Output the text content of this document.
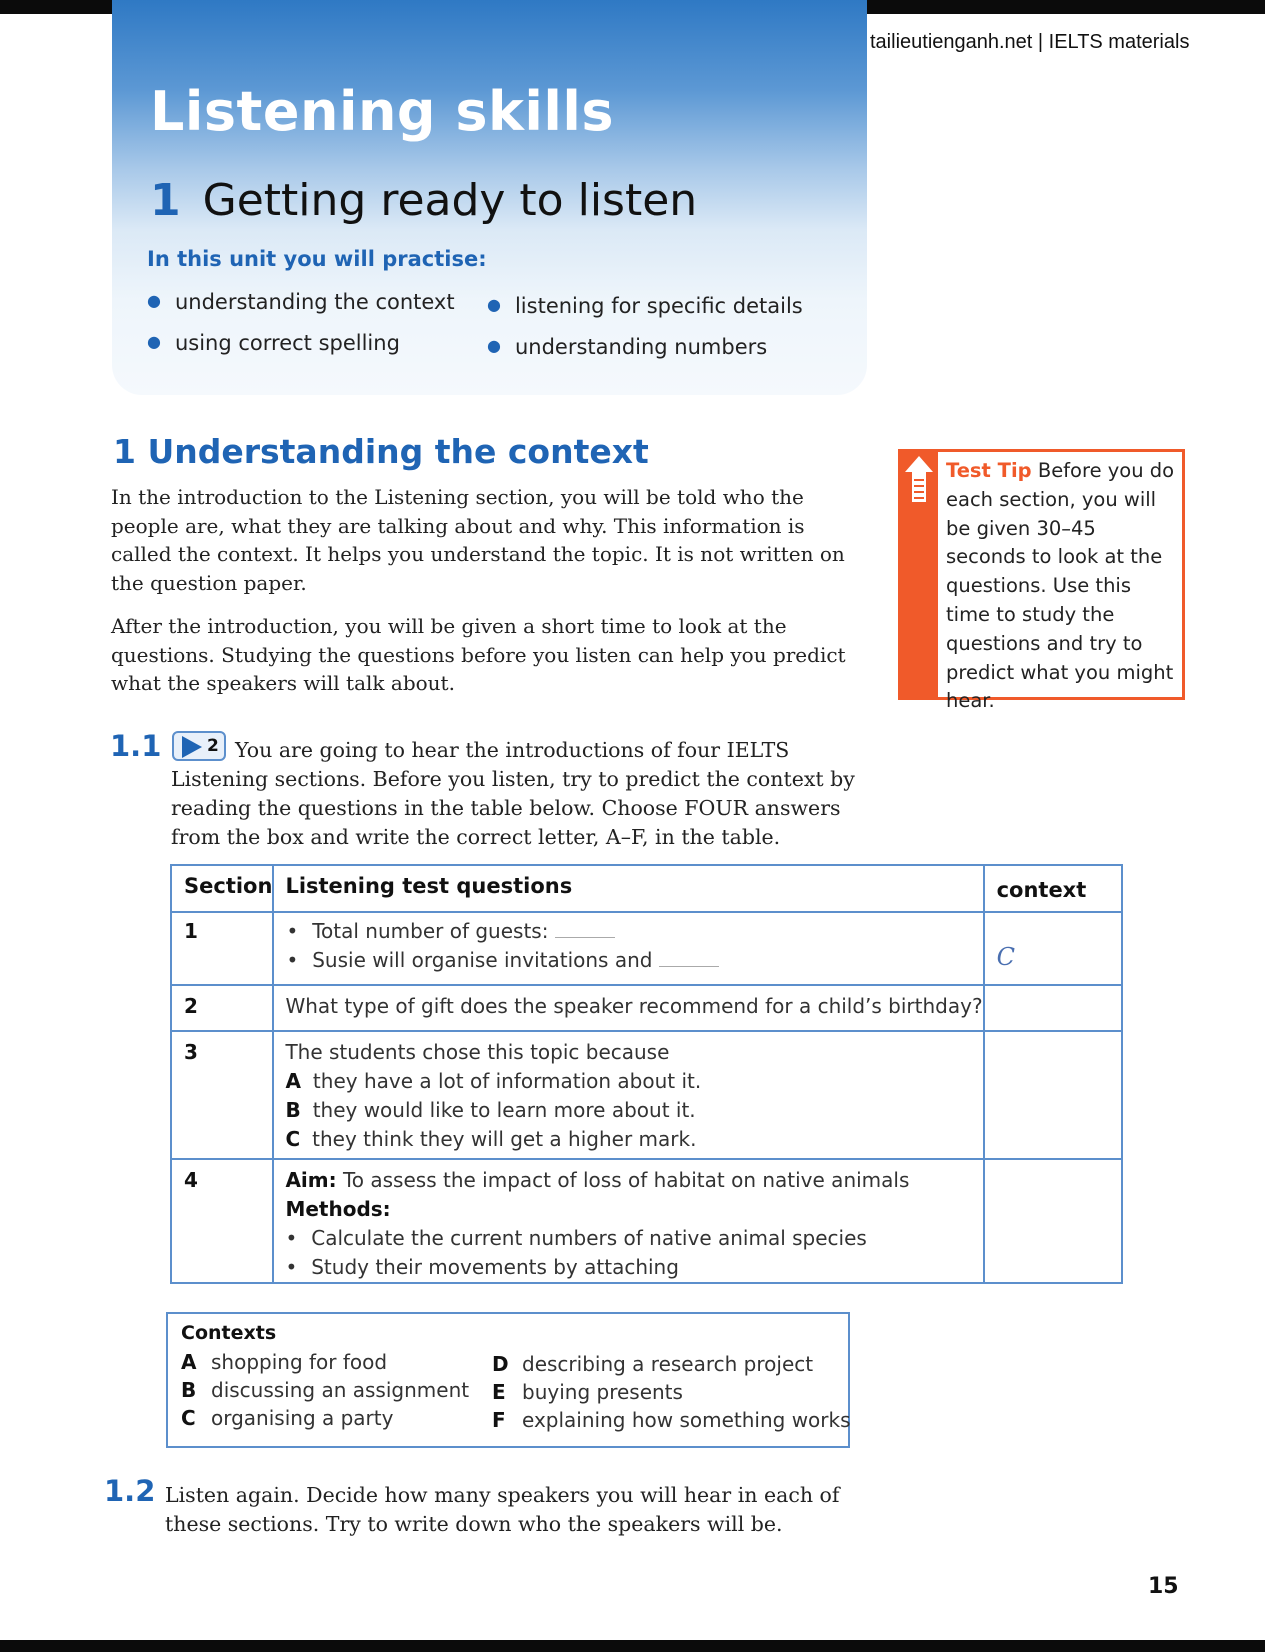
tailieutienganh.net | IELTS materials
Listening skills
1 Getting ready to listen
In this unit you will practise:
● understanding the context ● listening for specific details
● using correct spelling	● understanding numbers
1 Understanding the context
In the introduction to the Listening section, you will be told who the people are, what they are talking about and why. This information is called the context. It helps you understand the topic. It is not written on the question paper.
After the introduction, you will be given a short time to look at the questions. Studying the questions before you listen can help you predict what the speakers will talk about.
Test Tip Before you do each section, you will be given 30–45 seconds to look at the questions. Use this time to study the questions and try to predict what you might hear.
1.1	2 You are going to hear the introductions of four IELTS
Listening sections. Before you listen, try to predict the context by
reading the questions in the table below. Choose FOUR answers
from the box and write the correct letter, A–F, in the table.
Section	Listening test questions	context

1	• Total number of guests:
• Susie will organise invitations and	C

2	What type of gift does the speaker recommend for a child’s birthday?	

3	The students chose this topic because
A they have a lot of information about it.
B they would like to learn more about it.
C they think they will get a higher mark.	

4	Aim: To assess the impact of loss of habitat on native animals
Methods:
• Calculate the current numbers of native animal species
• Study their movements by attaching	

Contexts
A shopping for food
B discussing an assignment
C organising a party
D describing a research project
E buying presents
F explaining how something works
1.2 Listen again. Decide how many speakers you will hear in each of
these sections. Try to write down who the speakers will be.
15
